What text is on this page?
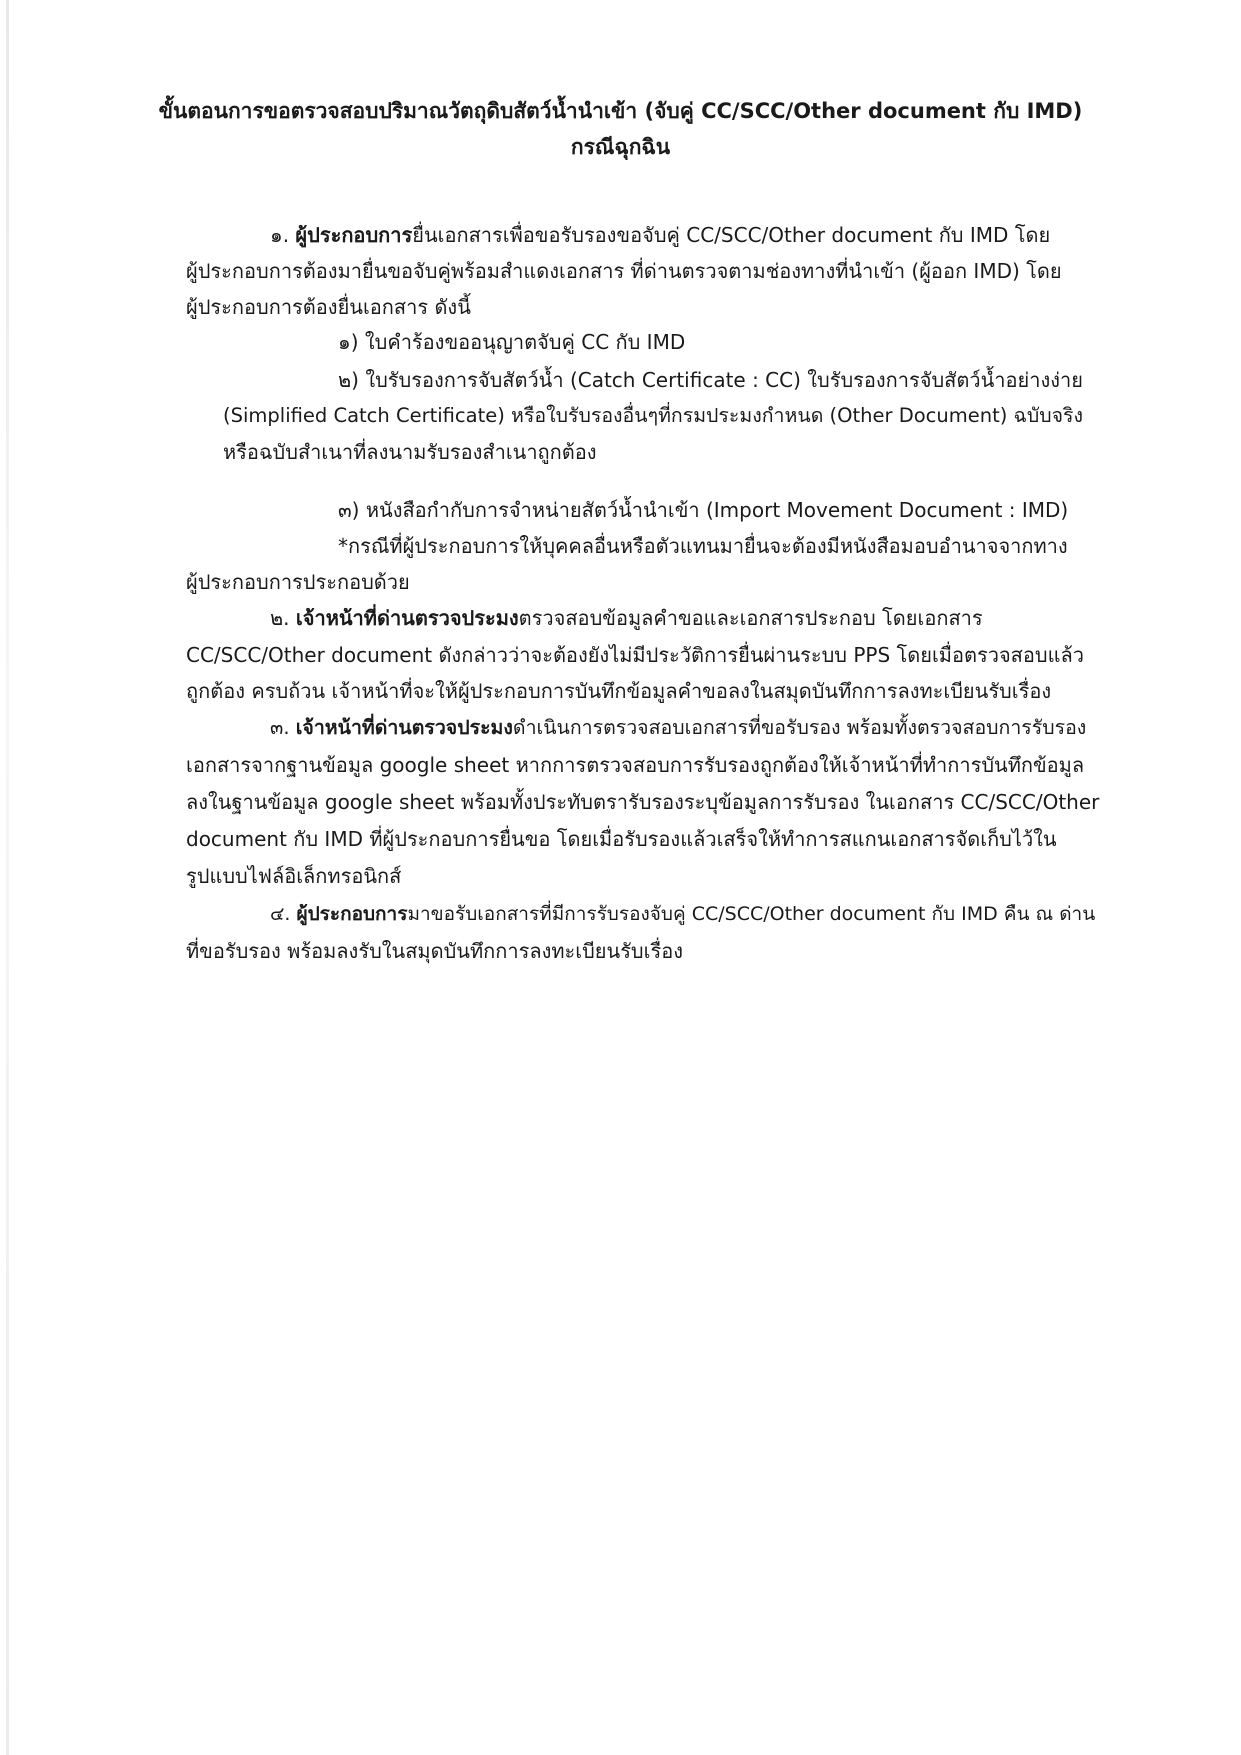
ขั้นตอนการขอตรวจสอบปริมาณวัตถุดิบสัตว์น้ำนำเข้า (จับคู่ CC/SCC/Other document กับ IMD)
กรณีฉุกฉิน
๑. ผู้ประกอบการยื่นเอกสารเพื่อขอรับรองขอจับคู่ CC/SCC/Other document กับ IMD โดย
ผู้ประกอบการต้องมายื่นขอจับคู่พร้อมสำแดงเอกสาร ที่ด่านตรวจตามช่องทางที่นำเข้า (ผู้ออก IMD) โดย
ผู้ประกอบการต้องยื่นเอกสาร ดังนี้
๑) ใบคำร้องขออนุญาตจับคู่ CC กับ IMD
๒) ใบรับรองการจับสัตว์น้ำ (Catch Certificate : CC) ใบรับรองการจับสัตว์น้ำอย่างง่าย
(Simplified Catch Certificate) หรือใบรับรองอื่นๆที่กรมประมงกำหนด (Other Document) ฉบับจริง
หรือฉบับสำเนาที่ลงนามรับรองสำเนาถูกต้อง
๓) หนังสือกำกับการจำหน่ายสัตว์น้ำนำเข้า (Import Movement Document : IMD)
*กรณีที่ผู้ประกอบการให้บุคคลอื่นหรือตัวแทนมายื่นจะต้องมีหนังสือมอบอำนาจจากทาง
ผู้ประกอบการประกอบด้วย
๒. เจ้าหน้าที่ด่านตรวจประมงตรวจสอบข้อมูลคำขอและเอกสารประกอบ โดยเอกสาร
CC/SCC/Other document ดังกล่าวว่าจะต้องยังไม่มีประวัติการยื่นผ่านระบบ PPS โดยเมื่อตรวจสอบแล้ว
ถูกต้อง ครบถ้วน เจ้าหน้าที่จะให้ผู้ประกอบการบันทึกข้อมูลคำขอลงในสมุดบันทึกการลงทะเบียนรับเรื่อง
๓. เจ้าหน้าที่ด่านตรวจประมงดำเนินการตรวจสอบเอกสารที่ขอรับรอง พร้อมทั้งตรวจสอบการรับรอง
เอกสารจากฐานข้อมูล google sheet หากการตรวจสอบการรับรองถูกต้องให้เจ้าหน้าที่ทำการบันทึกข้อมูล
ลงในฐานข้อมูล google sheet พร้อมทั้งประทับตรารับรองระบุข้อมูลการรับรอง ในเอกสาร CC/SCC/Other
document กับ IMD ที่ผู้ประกอบการยื่นขอ โดยเมื่อรับรองแล้วเสร็จให้ทำการสแกนเอกสารจัดเก็บไว้ใน
รูปแบบไฟล์อิเล็กทรอนิกส์
๔. ผู้ประกอบการมาขอรับเอกสารที่มีการรับรองจับคู่ CC/SCC/Other document กับ IMD คืน ณ ด่าน
ที่ขอรับรอง พร้อมลงรับในสมุดบันทึกการลงทะเบียนรับเรื่อง
